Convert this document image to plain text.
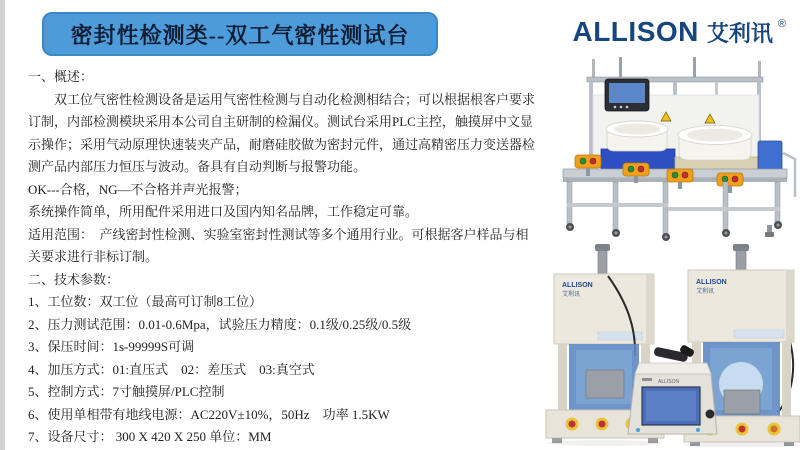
密封性检测类--双工气密性测试台	ALLISON 艾利讯 ®
一、概述：
双工位气密性检测设备是运用气密性检测与自动化检测相结合；可以根据根客户要求
订制，内部检测模块采用本公司自主研制的检漏仪。测试台采用PLC主控，触摸屏中文显
示操作；采用气动原理快速装夹产品，耐磨硅胶做为密封元件，通过高精密压力变送器检
测产品内部压力恒压与波动。备具有自动判断与报警功能。
OK---合格，NG—不合格并声光报警；
系统操作简单，所用配件采用进口及国内知名品牌，工作稳定可靠。
适用范围：　产线密封性检测、实验室密封性测试等多个通用行业。可根据客户样品与相
关要求进行非标订制。
二、技术参数：
1、工位数：双工位（最高可订制8工位）
2、压力测试范围：0.01-0.6Mpa，试验压力精度：0.1级/0.25级/0.5级
3、保压时间：1s-99999S可调
4、加压方式：01:直压式　02：差压式　03:真空式
5、控制方式：7寸触摸屏/PLC控制
6、使用单相带有地线电源：AC220V±10%，50Hz　功率 1.5KW
7、设备尺寸： 300 X 420 X 250 单位：MM
ALLISON
艾利讯
ALLISON
艾利讯
ALLISON
